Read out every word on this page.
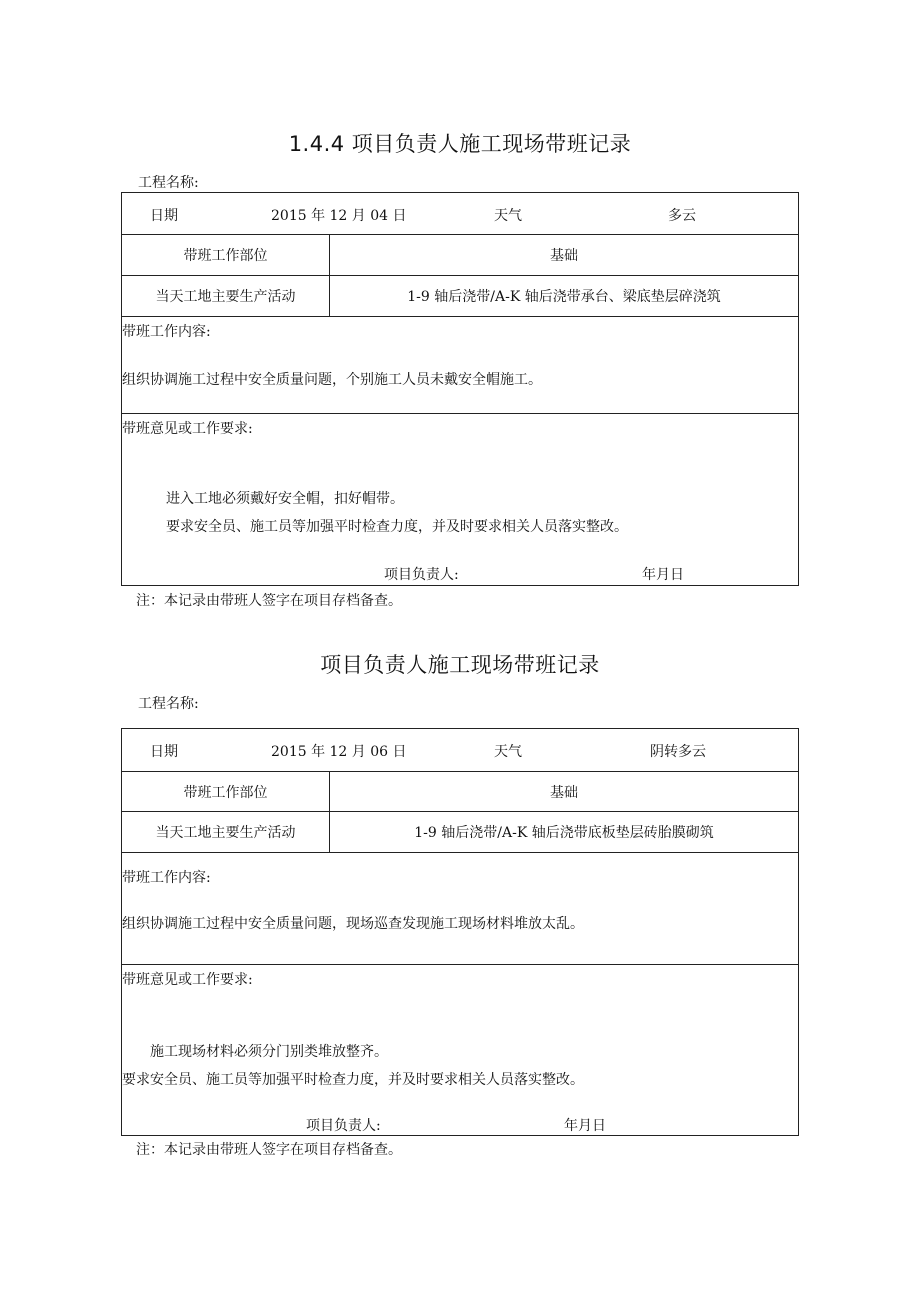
1.4.4 项目负责人施工现场带班记录
工程名称:
日期	2015 年 12 月 04 日	天气	多云
带班工作部位	基础
当天工地主要生产活动	1-9 轴后浇带/A-K 轴后浇带承台、梁底垫层碎浇筑
带班工作内容:
组织协调施工过程中安全质量问题，个别施工人员未戴安全帽施工。
带班意见或工作要求:
进入工地必须戴好安全帽，扣好帽带。
要求安全员、施工员等加强平时检查力度，并及时要求相关人员落实整改。
项目负责人:	年月日
注：本记录由带班人签字在项目存档备查。
项目负责人施工现场带班记录
工程名称:
日期	2015 年 12 月 06 日	天气	阴转多云
带班工作部位	基础
当天工地主要生产活动	1-9 轴后浇带/A-K 轴后浇带底板垫层砖胎膜砌筑
带班工作内容:
组织协调施工过程中安全质量问题，现场巡查发现施工现场材料堆放太乱。
带班意见或工作要求:
施工现场材料必须分门别类堆放整齐。
要求安全员、施工员等加强平时检查力度，并及时要求相关人员落实整改。
项目负责人:	年月日
注：本记录由带班人签字在项目存档备查。
